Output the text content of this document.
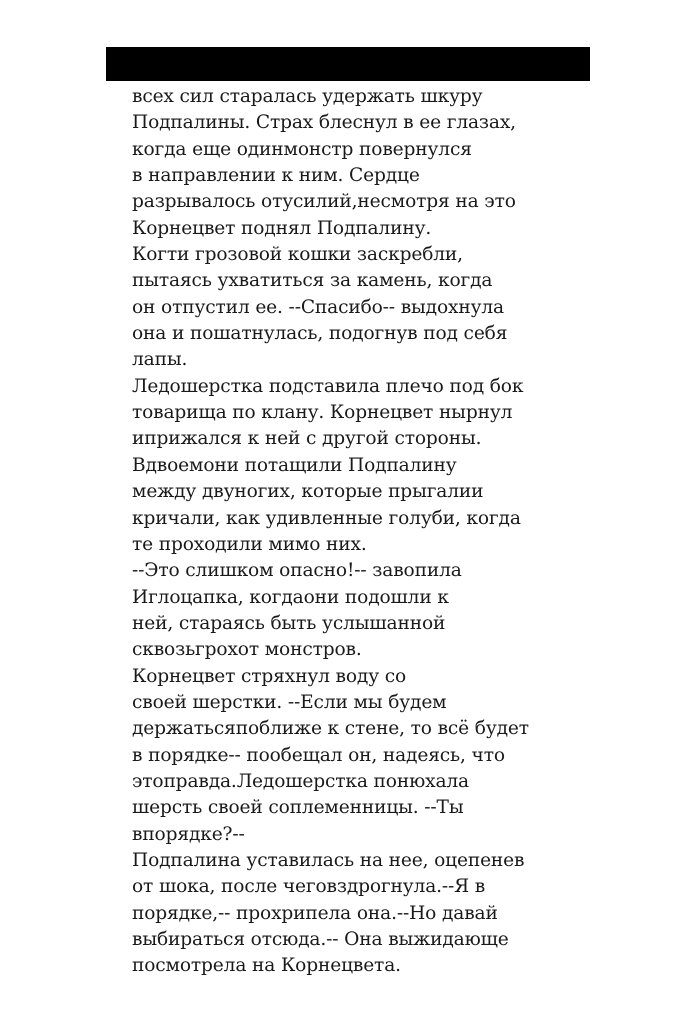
всех сил старалась удержать шкуру
Подпалины. Страх блеснул в ее глазах,
когда еще одинмонстр повернулся
в направлении к ним. Сердце
разрывалось отусилий,несмотря на это
Корнецвет поднял Подпалину.
Когти грозовой кошки заскребли,
пытаясь ухватиться за камень, когда
он отпустил ее. --Спасибо-- выдохнула
она и пошатнулась, подогнув под себя
лапы.
Ледошерстка подставила плечо под бок
товарища по клану. Корнецвет нырнул
иприжался к ней с другой стороны.
Вдвоемони потащили Подпалину
между двуногих, которые прыгалии
кричали, как удивленные голуби, когда
те проходили мимо них.
--Это слишком опасно!-- завопила
Иглоцапка, когдаони подошли к
ней, стараясь быть услышанной
сквозьгрохот монстров.
Корнецвет стряхнул воду со
своей шерстки. --Если мы будем
держатьсяпоближе к стене, то всё будет
в порядке-- пообещал он, надеясь, что
этоправда.Ледошерстка понюхала
шерсть своей соплеменницы. --Ты
впорядке?--
Подпалина уставилась на нее, оцепенев
от шока, после чеговздрогнула.--Я в
порядке,-- прохрипела она.--Но давай
выбираться отсюда.-- Она выжидающе
посмотрела на Корнецвета.
